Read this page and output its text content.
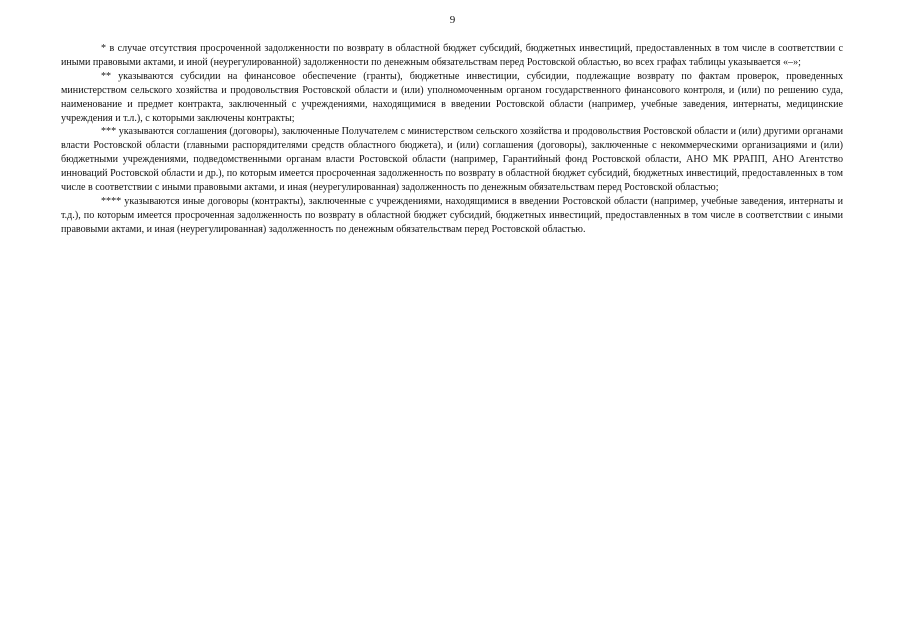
9

* в случае отсутствия просроченной задолженности по возврату в областной бюджет субсидий, бюджетных инвестиций, предоставленных в том числе в соответствии с иными правовыми актами, и иной (неурегулированной) задолженности по денежным обязательствам перед Ростовской областью, во всех графах таблицы указывается «–»;

** указываются субсидии на финансовое обеспечение (гранты), бюджетные инвестиции, субсидии, подлежащие возврату по фактам проверок, проведенных министерством сельского хозяйства и продовольствия Ростовской области и (или) уполномоченным органом государственного финансового контроля, и (или) по решению суда, наименование и предмет контракта, заключенный с учреждениями, находящимися в введении Ростовской области (например, учебные заведения, интернаты, медицинские учреждения и т.л.), с которыми заключены контракты;

*** указываются соглашения (договоры), заключенные Получателем с министерством сельского хозяйства и продовольствия Ростовской области и (или) другими органами власти Ростовской области (главными распорядителями средств областного бюджета), и (или) соглашения (договоры), заключенные с некоммерческими организациями и (или) бюджетными учреждениями, подведомственными органам власти Ростовской области (например, Гарантийный фонд Ростовской области, АНО МК РРАПП, АНО Агентство инноваций Ростовской области и др.), по которым имеется просроченная задолженность по возврату в областной бюджет субсидий, бюджетных инвестиций, предоставленных в том числе в соответствии с иными правовыми актами, и иная (неурегулированная) задолженность по денежным обязательствам перед Ростовской областью;

**** указываются иные договоры (контракты), заключенные с учреждениями, находящимися в введении Ростовской области (например, учебные заведения, интернаты и т.д.), по которым имеется просроченная задолженность по возврату в областной бюджет субсидий, бюджетных инвестиций, предоставленных в том числе в соответствии с иными правовыми актами, и иная (неурегулированная) задолженность по денежным обязательствам перед Ростовской областью.
